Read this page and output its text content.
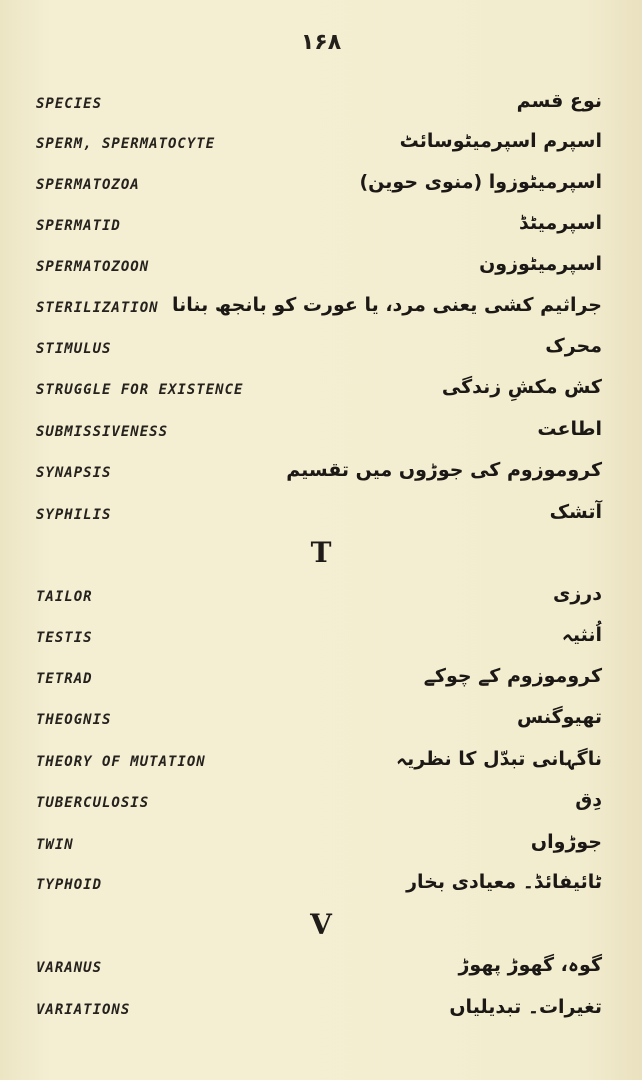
۱۶۸
SPECIES	نوع قسم
SPERM, SPERMATOCYTE	اسپرم اسپرمیٹوسائٹ
SPERMATOZOA	اسپرمیٹوزوا (منوی حوین)
SPERMATID	اسپرمیٹڈ
SPERMATOZOON	اسپرمیٹوزون
STERILIZATION جراثیم کشی یعنی مرد، یا عورت کو بانجھ بنانا
STIMULUS	محرک
STRUGGLE FOR EXISTENCE	کش مکشِ زندگی
SUBMISSIVENESS	اطاعت
SYNAPSIS	کروموزوم کی جوڑوں میں تقسیم
SYPHILIS	آتشک
T
TAILOR	درزی
TESTIS	اُنثیہ
TETRAD	کروموزوم کے چوکے
THEOGNIS	تھیوگنس
THEORY OF MUTATION	ناگہانی تبدّل کا نظریہ
TUBERCULOSIS	دِق
TWIN	جوڑواں
TYPHOID	ٹائیفائڈ۔ معیادی بخار
V
VARANUS	گوہ، گھوڑ پھوڑ
VARIATIONS	تغیرات۔ تبدیلیاں
